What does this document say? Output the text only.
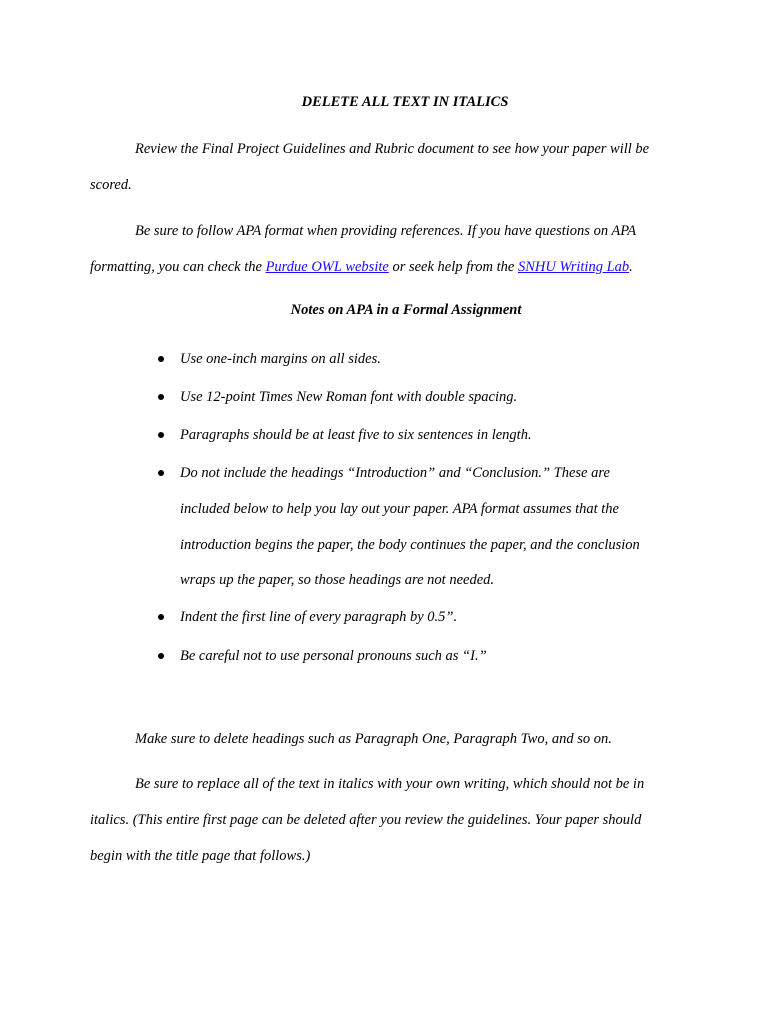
DELETE ALL TEXT IN ITALICS
Review the Final Project Guidelines and Rubric document to see how your paper will be
scored.
Be sure to follow APA format when providing references. If you have questions on APA
formatting, you can check the Purdue OWL website or seek help from the SNHU Writing Lab.
Notes on APA in a Formal Assignment
Use one-inch margins on all sides.
Use 12-point Times New Roman font with double spacing.
Paragraphs should be at least five to six sentences in length.
Do not include the headings “Introduction” and “Conclusion.” These are
included below to help you lay out your paper. APA format assumes that the
introduction begins the paper, the body continues the paper, and the conclusion
wraps up the paper, so those headings are not needed.
Indent the first line of every paragraph by 0.5”.
Be careful not to use personal pronouns such as “I.”
Make sure to delete headings such as Paragraph One, Paragraph Two, and so on.
Be sure to replace all of the text in italics with your own writing, which should not be in
italics. (This entire first page can be deleted after you review the guidelines. Your paper should
begin with the title page that follows.)
